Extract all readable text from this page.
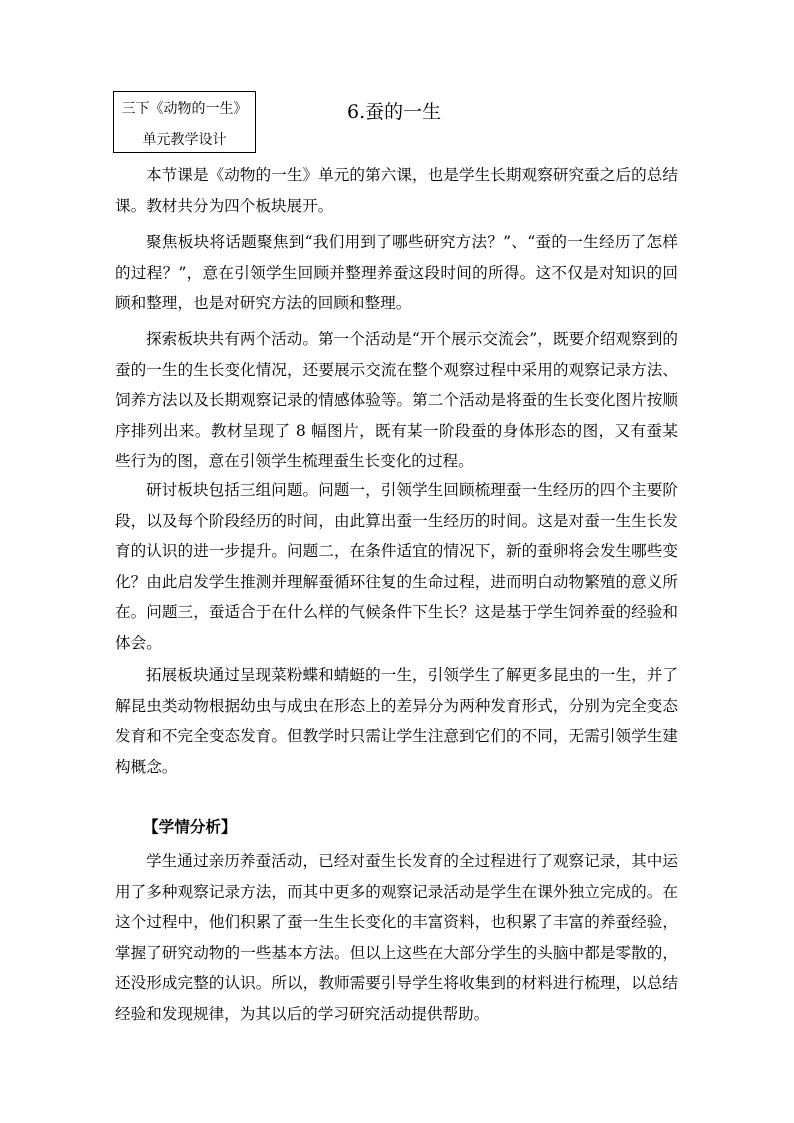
三下《动物的一生》
单元教学设计
6.蚕的一生

本节课是《动物的一生》单元的第六课，也是学生长期观察研究蚕之后的总结课。教材共分为四个板块展开。

聚焦板块将话题聚焦到“我们用到了哪些研究方法？”、“蚕的一生经历了怎样的过程？”，意在引领学生回顾并整理养蚕这段时间的所得。这不仅是对知识的回顾和整理，也是对研究方法的回顾和整理。

探索板块共有两个活动。第一个活动是“开个展示交流会”，既要介绍观察到的蚕的一生的生长变化情况，还要展示交流在整个观察过程中采用的观察记录方法、饲养方法以及长期观察记录的情感体验等。第二个活动是将蚕的生长变化图片按顺序排列出来。教材呈现了 8 幅图片，既有某一阶段蚕的身体形态的图，又有蚕某些行为的图，意在引领学生梳理蚕生长变化的过程。

研讨板块包括三组问题。问题一，引领学生回顾梳理蚕一生经历的四个主要阶段，以及每个阶段经历的时间，由此算出蚕一生经历的时间。这是对蚕一生生长发育的认识的进一步提升。问题二，在条件适宜的情况下，新的蚕卵将会发生哪些变化？由此启发学生推测并理解蚕循环往复的生命过程，进而明白动物繁殖的意义所在。问题三，蚕适合于在什么样的气候条件下生长？这是基于学生饲养蚕的经验和体会。

拓展板块通过呈现菜粉蝶和蜻蜓的一生，引领学生了解更多昆虫的一生，并了解昆虫类动物根据幼虫与成虫在形态上的差异分为两种发育形式，分别为完全变态发育和不完全变态发育。但教学时只需让学生注意到它们的不同，无需引领学生建构概念。

【学情分析】

学生通过亲历养蚕活动，已经对蚕生长发育的全过程进行了观察记录，其中运用了多种观察记录方法，而其中更多的观察记录活动是学生在课外独立完成的。在这个过程中，他们积累了蚕一生生长变化的丰富资料，也积累了丰富的养蚕经验，掌握了研究动物的一些基本方法。但以上这些在大部分学生的头脑中都是零散的，还没形成完整的认识。所以，教师需要引导学生将收集到的材料进行梳理，以总结经验和发现规律，为其以后的学习研究活动提供帮助。
